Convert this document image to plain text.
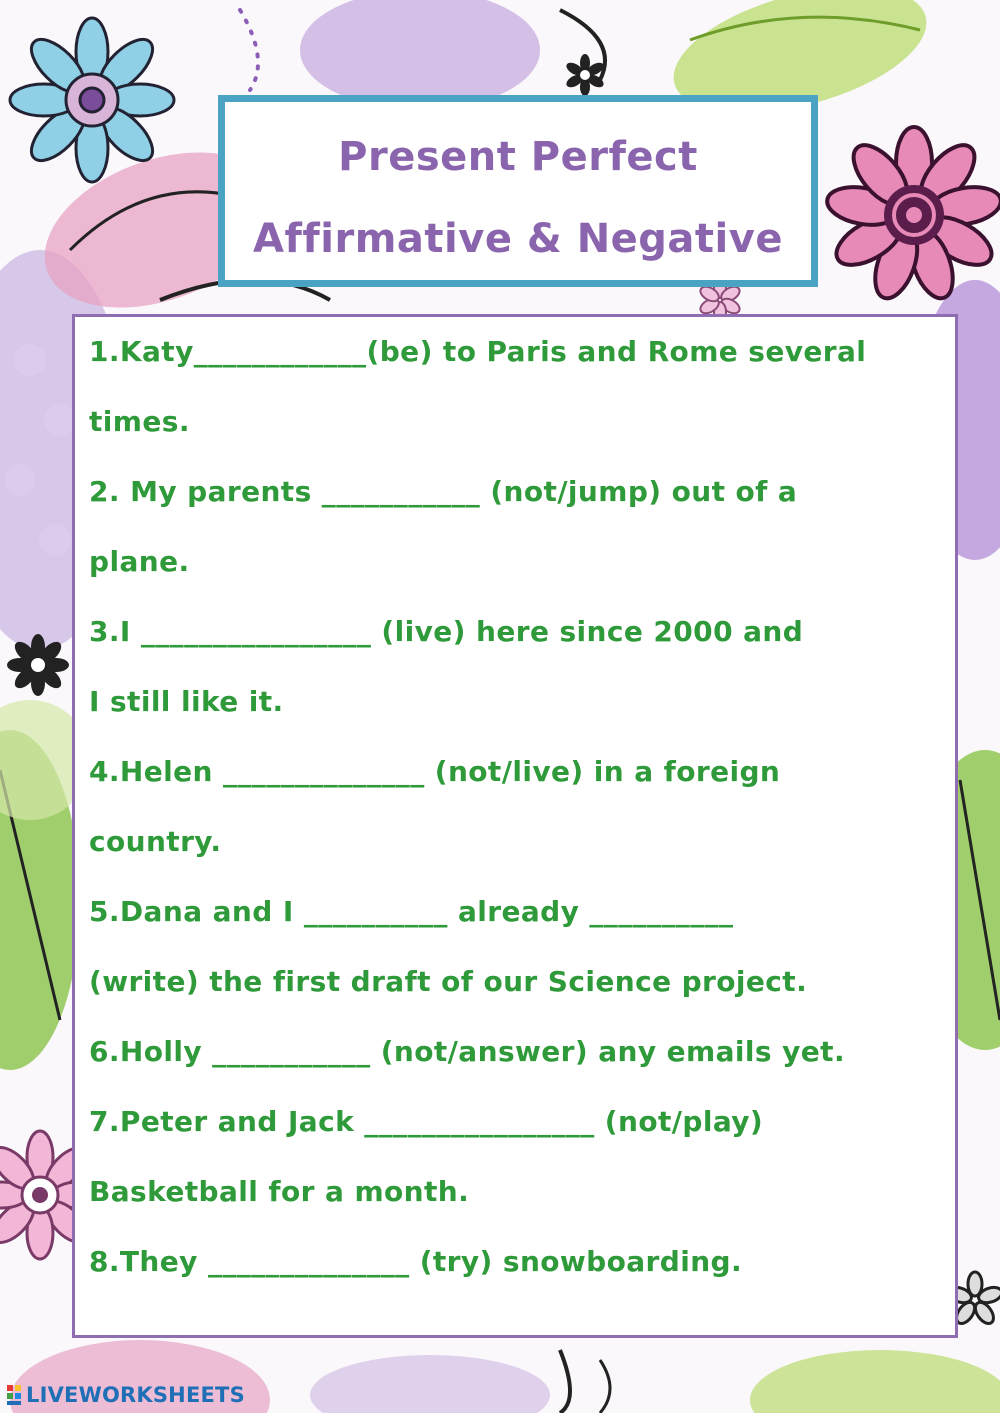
Present Perfect
Affirmative & Negative
1.Katy____________(be) to Paris and Rome several
times.
2. My parents ___________ (not/jump) out of a
plane.
3.I ________________ (live) here since 2000 and
I still like it.
4.Helen ______________ (not/live) in a foreign
country.
5.Dana and I __________ already __________
(write) the first draft of our Science project.
6.Holly ___________ (not/answer) any emails yet.
7.Peter and Jack ________________ (not/play)
Basketball for a month.
8.They ______________ (try) snowboarding.
LIVEWORKSHEETS
